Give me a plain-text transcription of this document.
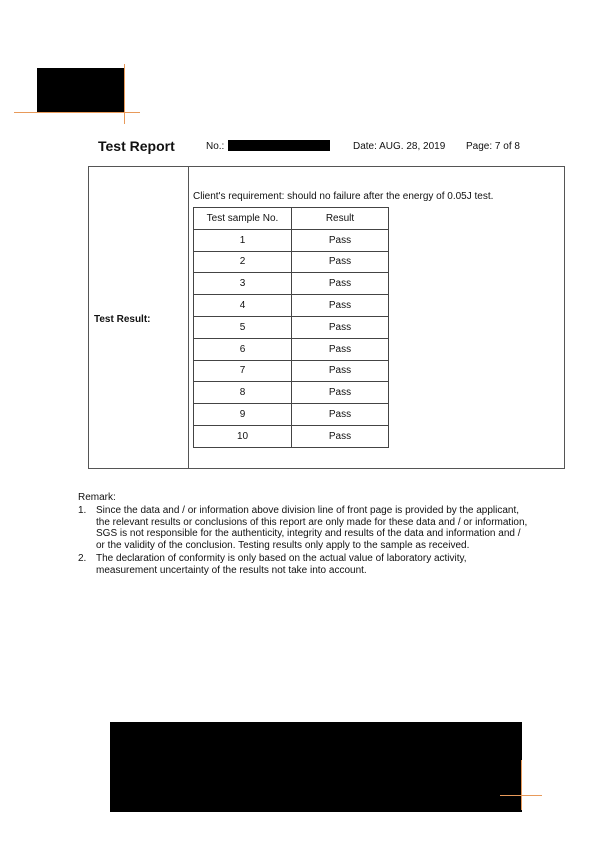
Test Report	No.:	Date: AUG. 28, 2019 Page: 7 of 8
Test Result:
Client's requirement: should no failure after the energy of 0.05J test.
Test sample No.	Result
1	Pass
2	Pass
3	Pass
4	Pass
5	Pass
6	Pass
7	Pass
8	Pass
9	Pass
10	Pass
Remark:
1. Since the data and / or information above division line of front page is provided by the applicant, the relevant results or conclusions of this report are only made for these data and / or information, SGS is not responsible for the authenticity, integrity and results of the data and information and / or the validity of the conclusion. Testing results only apply to the sample as received.
2. The declaration of conformity is only based on the actual value of laboratory activity, measurement uncertainty of the results not take into account.
